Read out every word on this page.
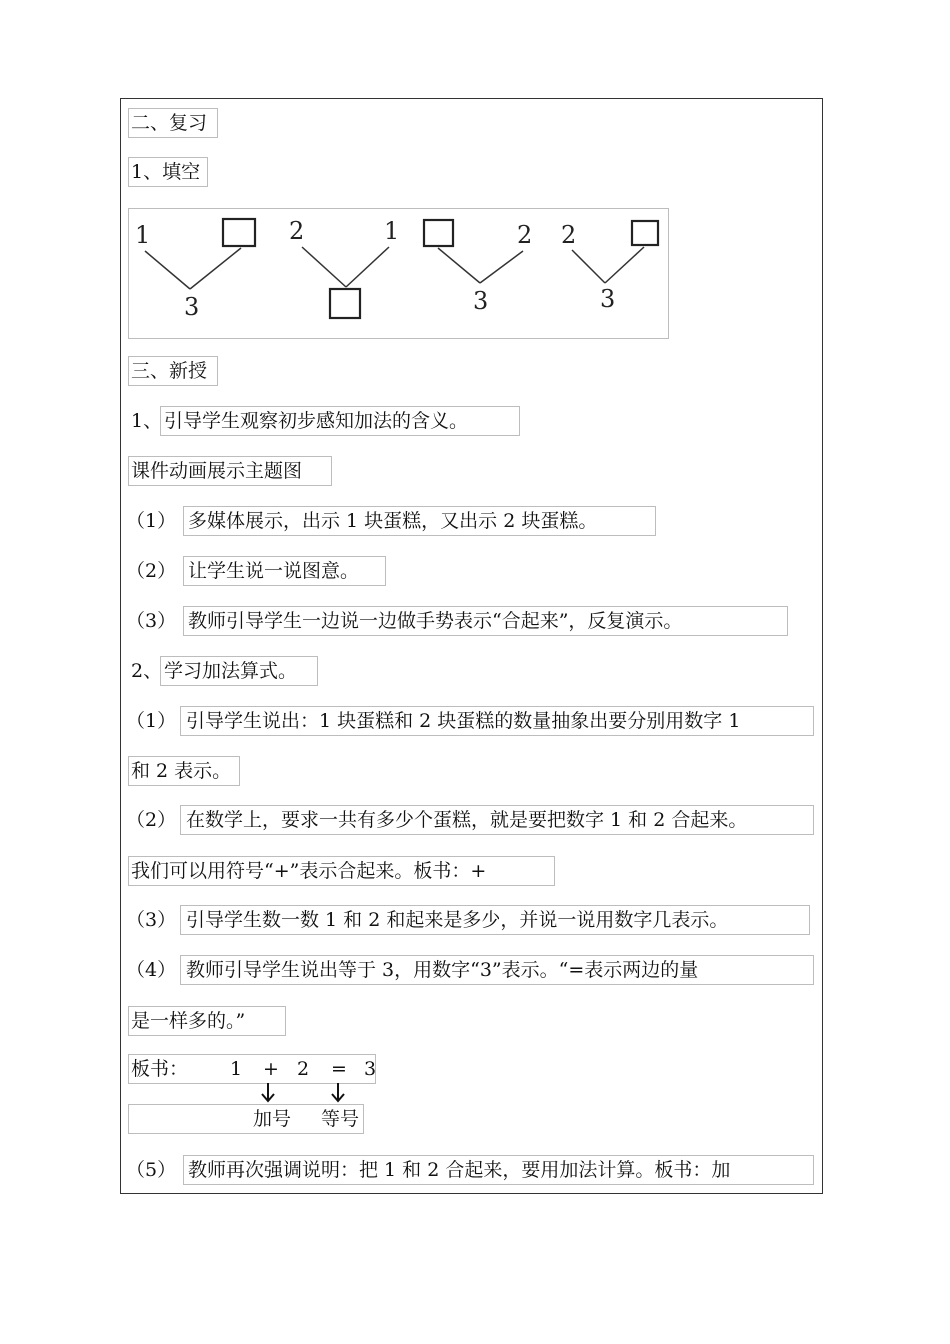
二、复习
1、填空
1
3
2	1	2
3
2
3
三、新授
1、 引导学生观察初步感知加法的含义。
课件动画展示主题图
（1） 多媒体展示，出示 1 块蛋糕，又出示 2 块蛋糕。
（2） 让学生说一说图意。
（3） 教师引导学生一边说一边做手势表示“合起来”，反复演示。
2、 学习加法算式。
（1） 引导学生说出：1 块蛋糕和 2 块蛋糕的数量抽象出要分别用数字 1
和 2 表示。
（2） 在数学上，要求一共有多少个蛋糕，就是要把数字 1 和 2 合起来。
我们可以用符号“+”表示合起来。板书：+
（3） 引导学生数一数 1 和 2 和起来是多少，并说一说用数字几表示。
（4） 教师引导学生说出等于 3，用数字“3”表示。“=表示两边的量
是一样多的。”
板书： 1 + 2 = 3
加号 等号
（5） 教师再次强调说明：把 1 和 2 合起来，要用加法计算。板书：加
